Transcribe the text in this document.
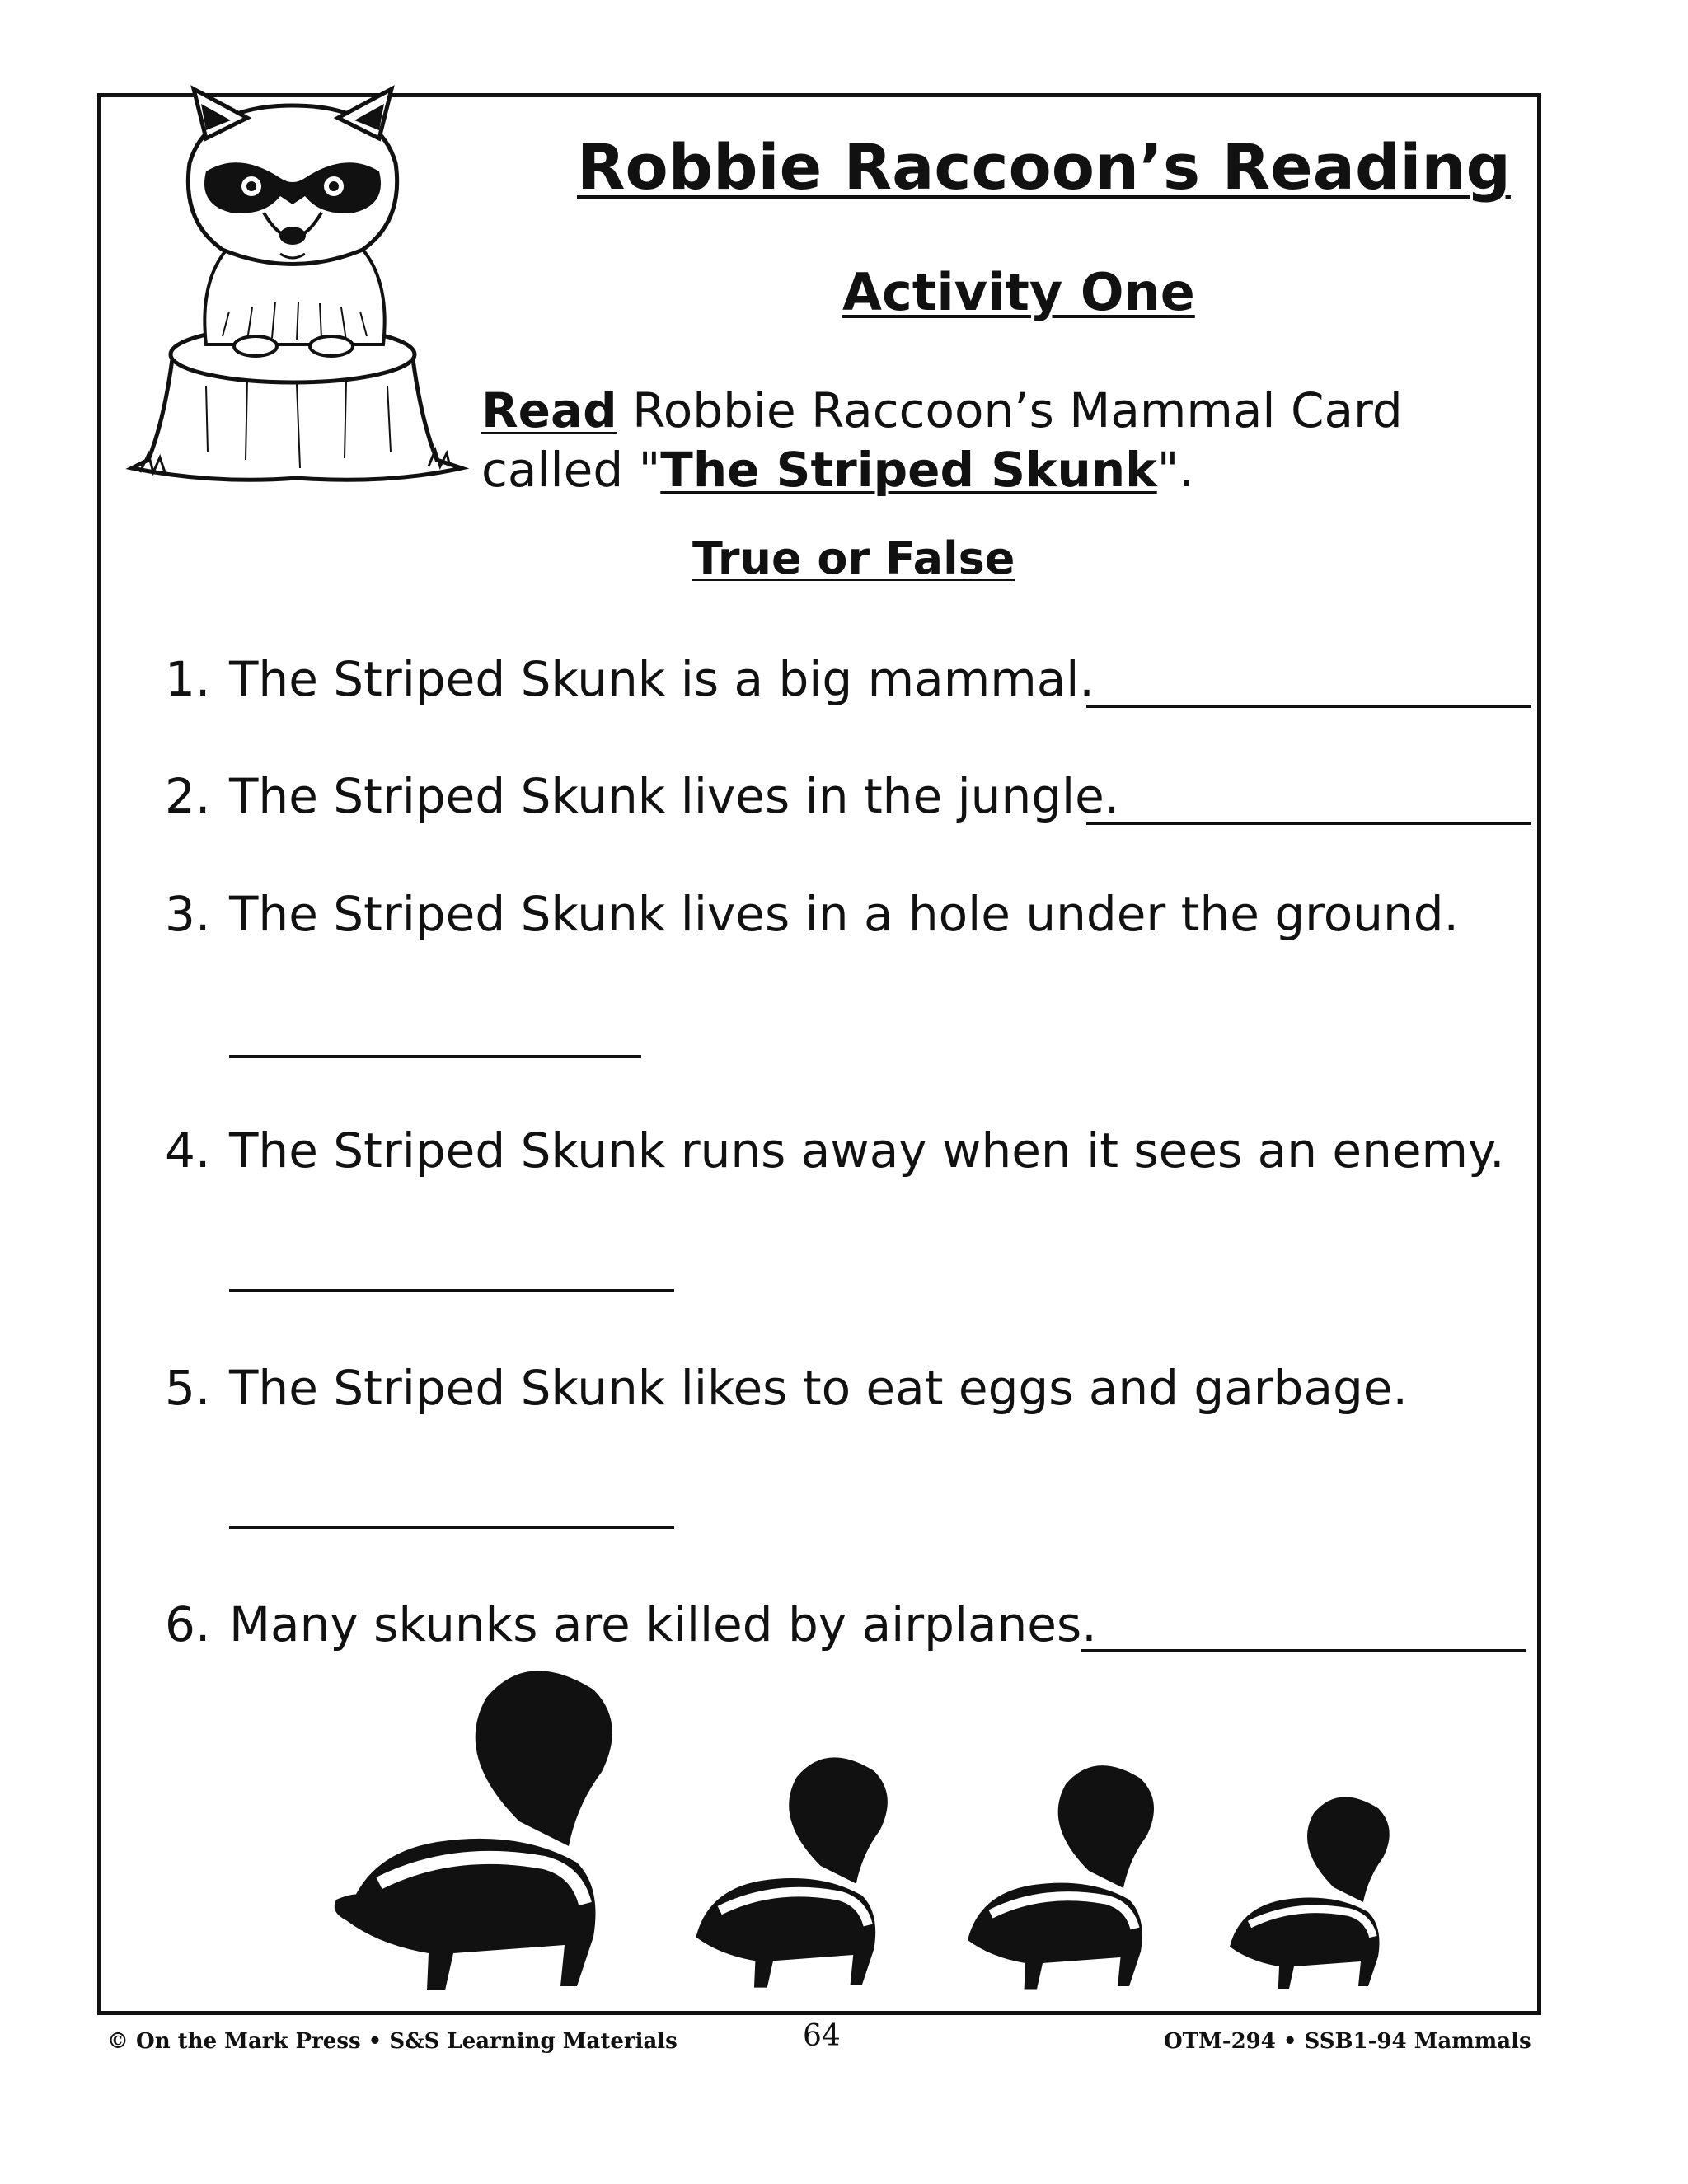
Robbie Raccoon’s Reading
Activity One
Read Robbie Raccoon’s Mammal Card
called "The Striped Skunk".
True or False
1. The Striped Skunk is a big mammal.
2. The Striped Skunk lives in the jungle.
3. The Striped Skunk lives in a hole under the ground.
4. The Striped Skunk runs away when it sees an enemy.
5. The Striped Skunk likes to eat eggs and garbage.
6. Many skunks are killed by airplanes.
© On the Mark Press • S&S Learning Materials	64	OTM-294 • SSB1-94 Mammals
